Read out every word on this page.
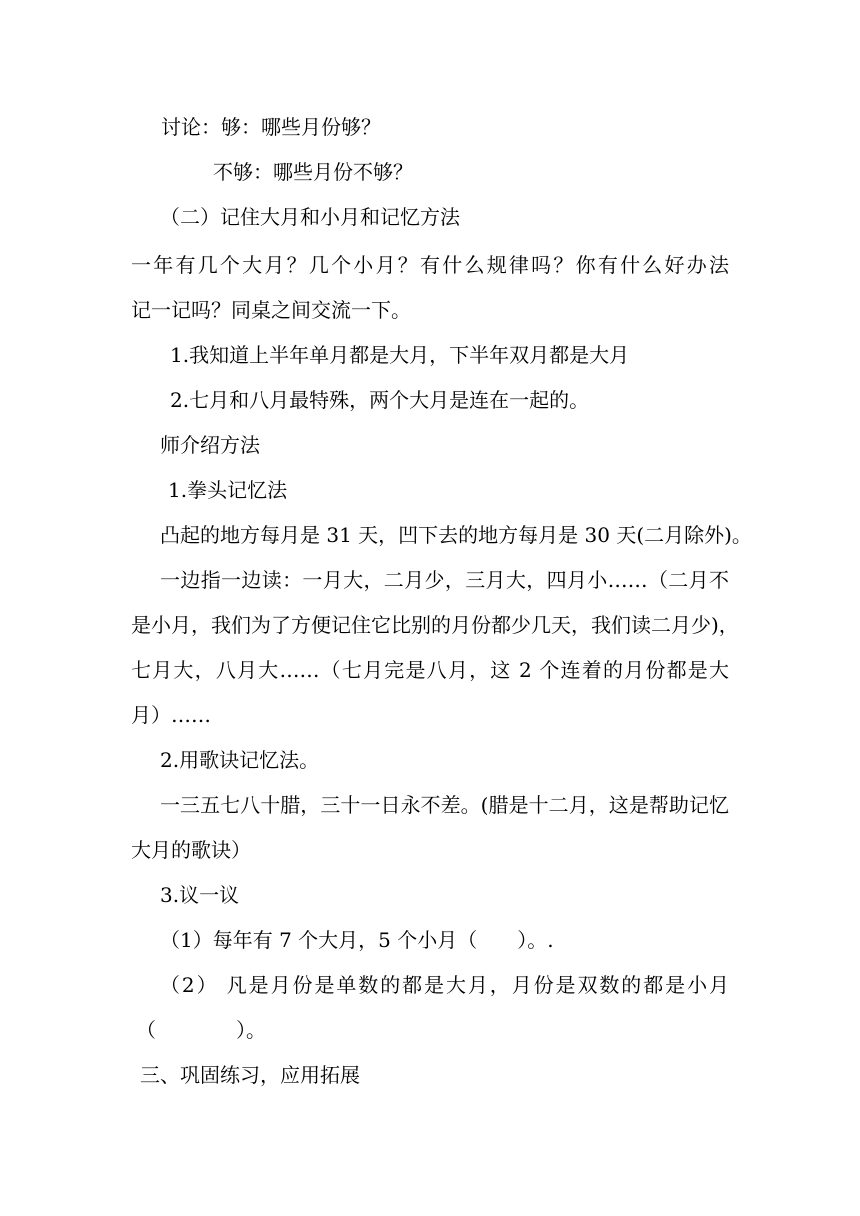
讨论：够：哪些月份够？
不够：哪些月份不够？
（二）记住大月和小月和记忆方法
一年有几个大月？几个小月？有什么规律吗？你有什么好办法
记一记吗？同桌之间交流一下。
1.我知道上半年单月都是大月，下半年双月都是大月
2.七月和八月最特殊，两个大月是连在一起的。
师介绍方法
1.拳头记忆法
凸起的地方每月是 31 天，凹下去的地方每月是 30 天(二月除外)。
一边指一边读：一月大，二月少，三月大，四月小……（二月不
是小月，我们为了方便记住它比别的月份都少几天，我们读二月少)，
七月大，八月大……（七月完是八月，这 2 个连着的月份都是大
月）……
2.用歌诀记忆法。
一三五七八十腊，三十一日永不差。(腊是十二月，这是帮助记忆
大月的歌诀）
3.议一议
（1）每年有 7 个大月，5 个小月（　　）。.
（2） 凡是月份是单数的都是大月，月份是双数的都是小月
（　　　　）。
三、巩固练习，应用拓展
